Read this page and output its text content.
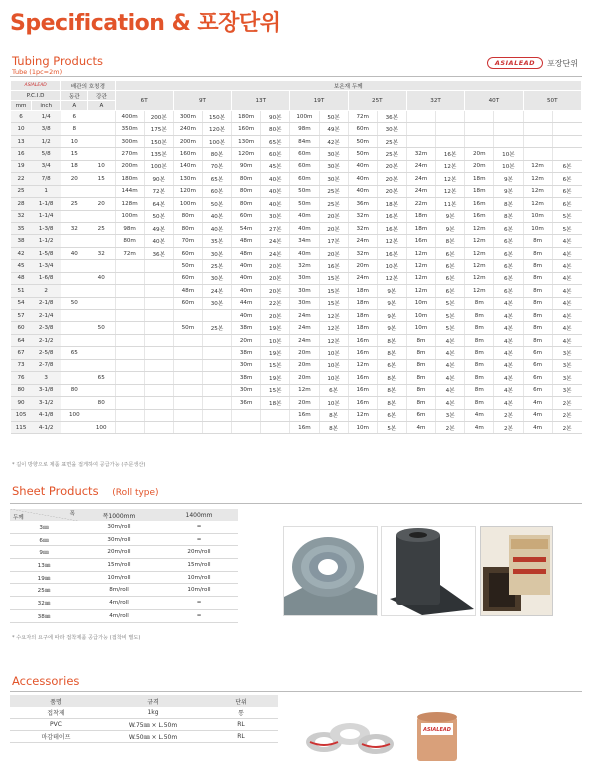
Specification & 포장단위
Tubing Products
Tube (1pc=2m)
ASIALEAD	포장단위
ASIALEAD		배관의 호칭경		보온재 두께															
P.C.I.D		동관	강관	6T		9T		13T		19T		25T		32T		40T		50T	
mm	inch	A	A																
6	1/4	6		400m	200본	300m	150본	180m	90본	100m	50본	72m	36본						
10	3/8	8		350m	175본	240m	120본	160m	80본	98m	49본	60m	30본						
13	1/2	10		300m	150본	200m	100본	130m	65본	84m	42본	50m	25본						
16	5/8	15		270m	135본	160m	80본	120m	60본	60m	30본	50m	25본	32m	16본	20m	10본		
19	3/4	18	10	200m	100본	140m	70본	90m	45본	60m	30본	40m	20본	24m	12본	20m	10본	12m	6본
22	7/8	20	15	180m	90본	130m	65본	80m	40본	60m	30본	40m	20본	24m	12본	18m	9본	12m	6본
25	1			144m	72본	120m	60본	80m	40본	50m	25본	40m	20본	24m	12본	18m	9본	12m	6본
28	1-1/8	25	20	128m	64본	100m	50본	80m	40본	50m	25본	36m	18본	22m	11본	16m	8본	12m	6본
32	1-1/4			100m	50본	80m	40본	60m	30본	40m	20본	32m	16본	18m	9본	16m	8본	10m	5본
35	1-3/8	32	25	98m	49본	80m	40본	54m	27본	40m	20본	32m	16본	18m	9본	12m	6본	10m	5본
38	1-1/2			80m	40본	70m	35본	48m	24본	34m	17본	24m	12본	16m	8본	12m	6본	8m	4본
42	1-5/8	40	32	72m	36본	60m	30본	48m	24본	40m	20본	32m	16본	12m	6본	12m	6본	8m	4본
45	1-3/4					50m	25본	40m	20본	32m	16본	20m	10본	12m	6본	12m	6본	8m	4본
48	1-6/8		40			60m	30본	40m	20본	30m	15본	24m	12본	12m	6본	12m	6본	8m	4본
51	2					48m	24본	40m	20본	30m	15본	18m	9본	12m	6본	12m	6본	8m	4본
54	2-1/8	50				60m	30본	44m	22본	30m	15본	18m	9본	10m	5본	8m	4본	8m	4본
57	2-1/4							40m	20본	24m	12본	18m	9본	10m	5본	8m	4본	8m	4본
60	2-3/8		50			50m	25본	38m	19본	24m	12본	18m	9본	10m	5본	8m	4본	8m	4본
64	2-1/2							20m	10본	24m	12본	16m	8본	8m	4본	8m	4본	8m	4본
67	2-5/8	65						38m	19본	20m	10본	16m	8본	8m	4본	8m	4본	6m	3본
73	2-7/8							30m	15본	20m	10본	12m	6본	8m	4본	8m	4본	6m	3본
76	3		65					38m	19본	20m	10본	16m	8본	8m	4본	8m	4본	6m	3본
80	3-1/8	80						30m	15본	12m	6본	16m	8본	8m	4본	8m	4본	6m	3본
90	3-1/2		80					36m	18본	20m	10본	16m	8본	8m	4본	8m	4본	4m	2본
105	4-1/8	100								16m	8본	12m	6본	6m	3본	4m	2본	4m	2본
115	4-1/2		100							16m	8본	10m	5본	4m	2본	4m	2본	4m	2본
* 길이 방향으로 제품 표면을 접게하여 공급가능 (주문생산)
Sheet Products (Roll type)
폭
두께	폭1000mm	1400mm
3㎜	30m/roll	━
6㎜	30m/roll	━
9㎜	20m/roll	20m/roll
13㎜	15m/roll	15m/roll
19㎜	10m/roll	10m/roll
25㎜	8m/roll	10m/roll
32㎜	4m/roll	━
38㎜	4m/roll	━
* 수요자의 요구에 따라 접착제품 공급가능 (접착비 별도)
Accessories
품명	규격	단위
접착제	1kg	통
PVC	W.75㎜ × L.50m	RL
마감테이프	W.50㎜ × L.50m	RL
ASIALEAD
